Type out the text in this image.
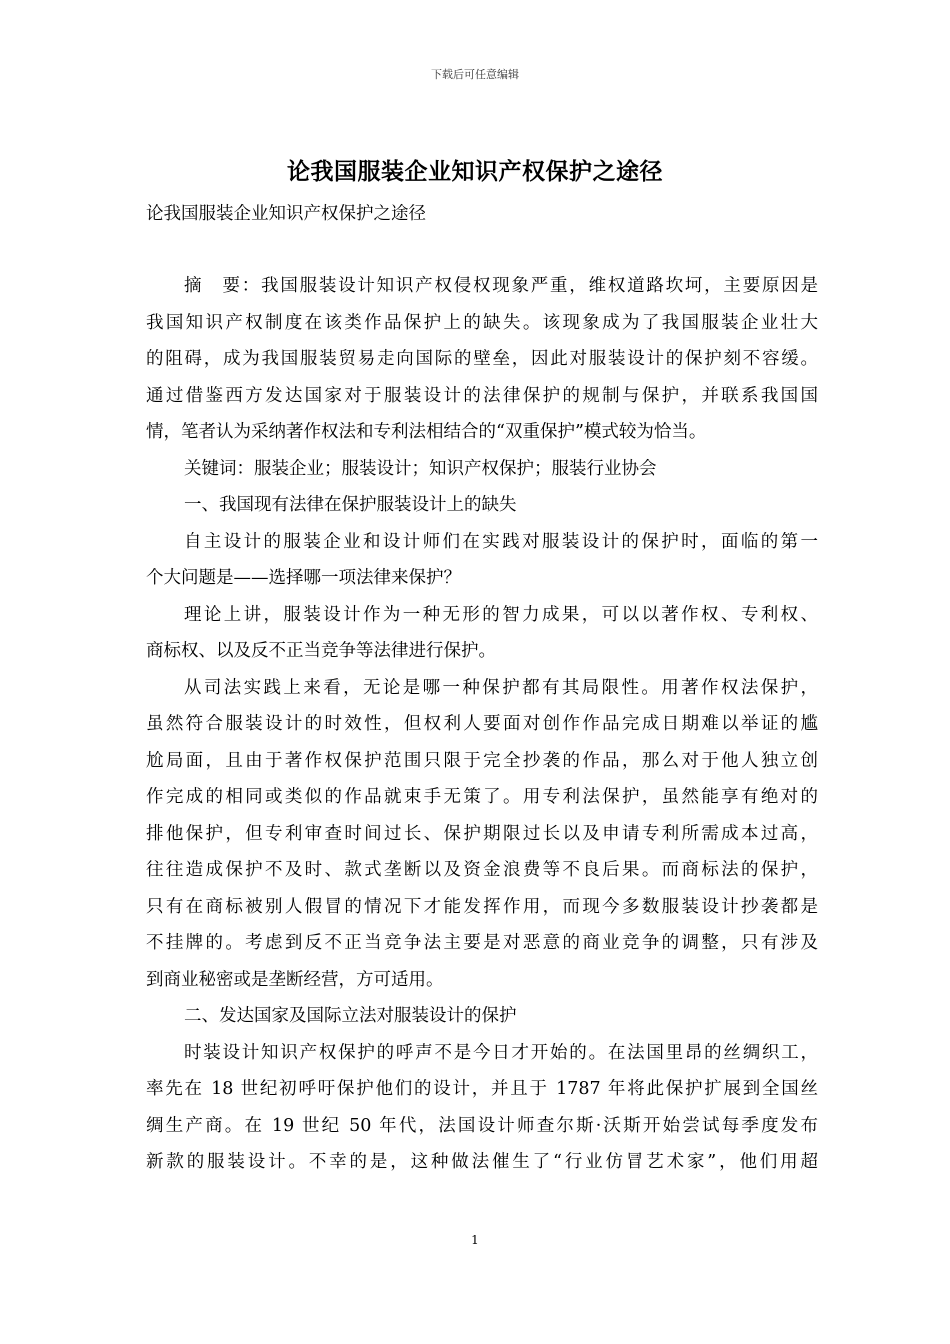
下载后可任意编辑
论我国服装企业知识产权保护之途径
论我国服装企业知识产权保护之途径
摘　要：我国服装设计知识产权侵权现象严重，维权道路坎坷，主要原因是
我国知识产权制度在该类作品保护上的缺失。该现象成为了我国服装企业壮大
的阻碍，成为我国服装贸易走向国际的壁垒，因此对服装设计的保护刻不容缓。
通过借鉴西方发达国家对于服装设计的法律保护的规制与保护，并联系我国国
情，笔者认为采纳著作权法和专利法相结合的“双重保护”模式较为恰当。
关键词：服装企业；服装设计；知识产权保护；服装行业协会
一、我国现有法律在保护服装设计上的缺失
自主设计的服装企业和设计师们在实践对服装设计的保护时，面临的第一
个大问题是——选择哪一项法律来保护？
理论上讲，服装设计作为一种无形的智力成果，可以以著作权、专利权、
商标权、以及反不正当竞争等法律进行保护。
从司法实践上来看，无论是哪一种保护都有其局限性。用著作权法保护，
虽然符合服装设计的时效性，但权利人要面对创作作品完成日期难以举证的尴
尬局面，且由于著作权保护范围只限于完全抄袭的作品，那么对于他人独立创
作完成的相同或类似的作品就束手无策了。用专利法保护，虽然能享有绝对的
排他保护，但专利审查时间过长、保护期限过长以及申请专利所需成本过高，
往往造成保护不及时、款式垄断以及资金浪费等不良后果。而商标法的保护，
只有在商标被别人假冒的情况下才能发挥作用，而现今多数服装设计抄袭都是
不挂牌的。考虑到反不正当竞争法主要是对恶意的商业竞争的调整，只有涉及
到商业秘密或是垄断经营，方可适用。
二、发达国家及国际立法对服装设计的保护
时装设计知识产权保护的呼声不是今日才开始的。在法国里昂的丝绸织工，
率先在 18 世纪初呼吁保护他们的设计，并且于 1787 年将此保护扩展到全国丝
绸生产商。在 19 世纪 50 年代，法国设计师查尔斯·沃斯开始尝试每季度发布
新款的服装设计。不幸的是，这种做法催生了“行业仿冒艺术家”，他们用超
1
